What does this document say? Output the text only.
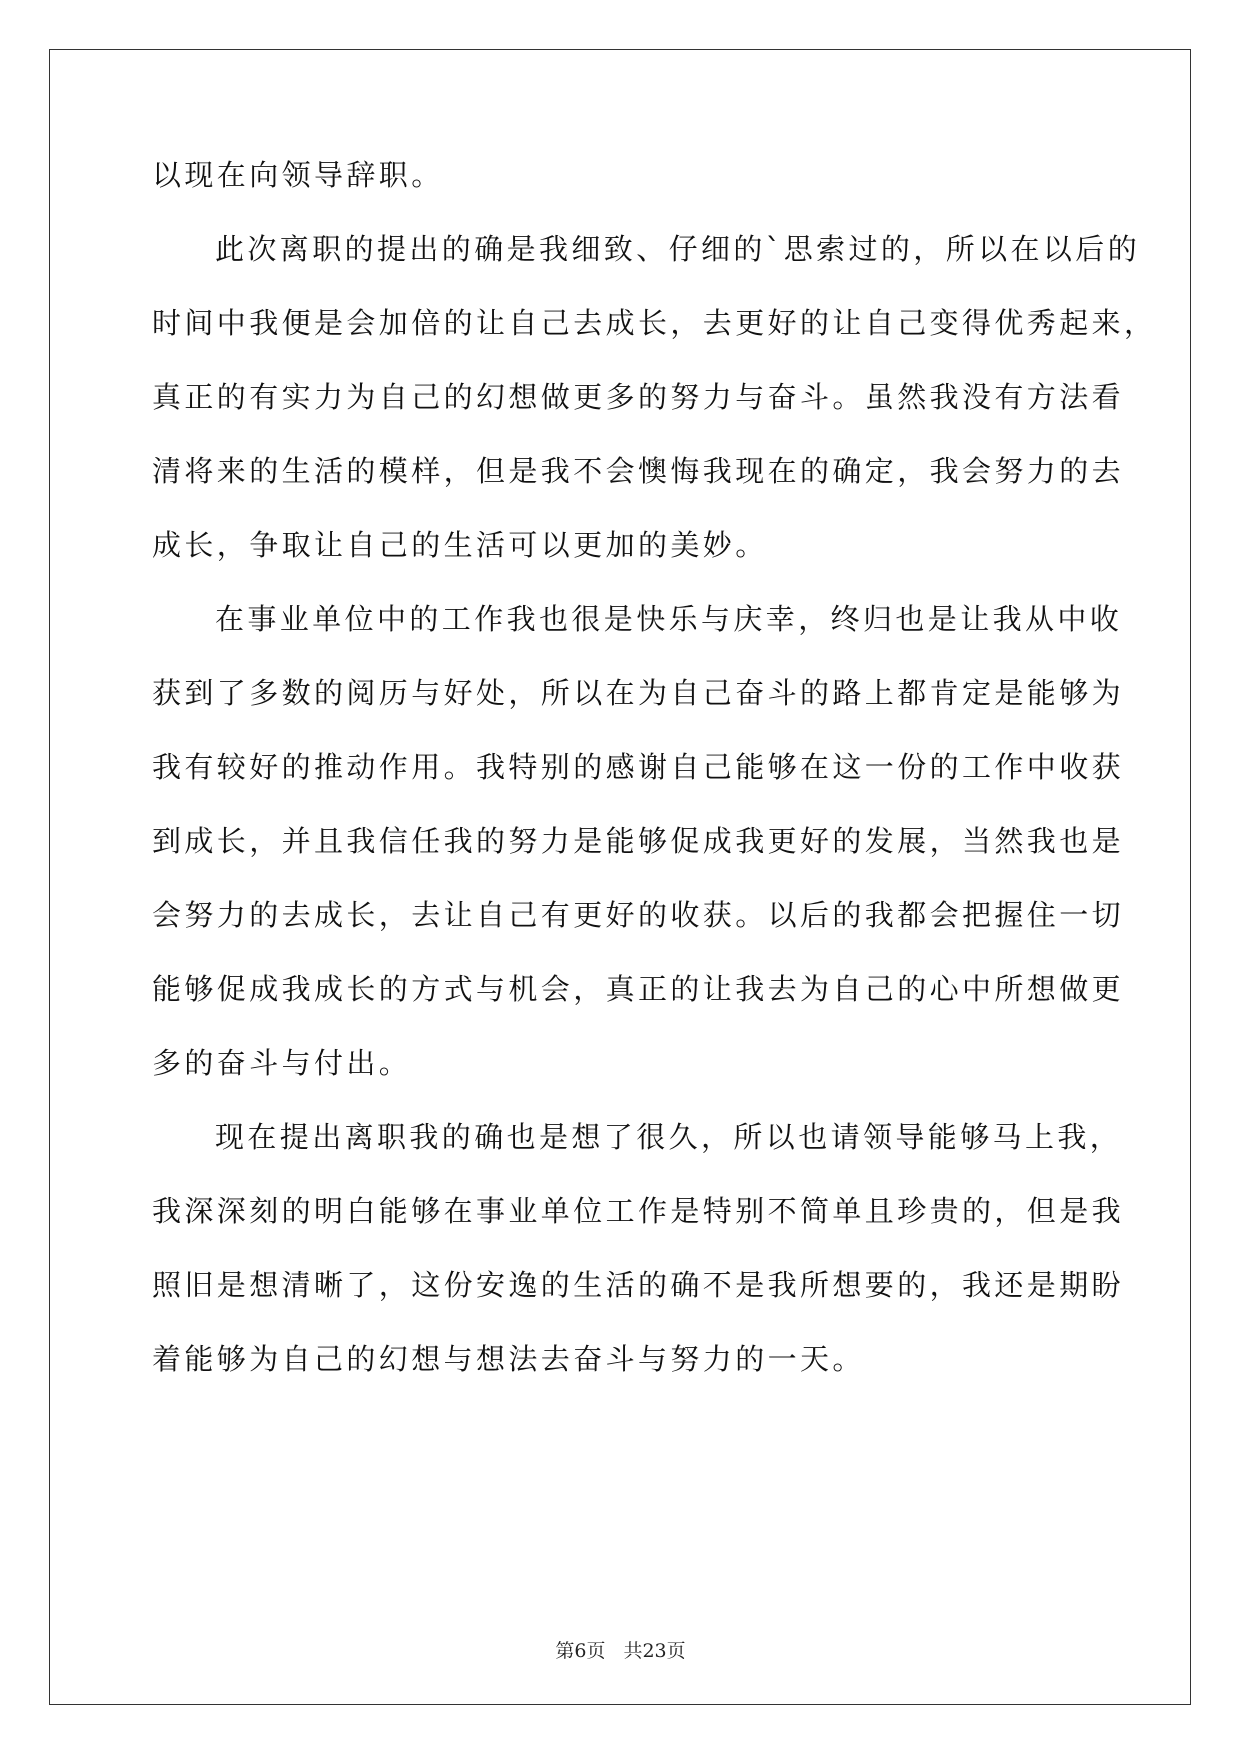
以现在向领导辞职。
此次离职的提出的确是我细致、仔细的`思索过的，所以在以后的
时间中我便是会加倍的让自己去成长，去更好的让自己变得优秀起来，
真正的有实力为自己的幻想做更多的努力与奋斗。虽然我没有方法看
清将来的生活的模样，但是我不会懊悔我现在的确定，我会努力的去
成长，争取让自己的生活可以更加的美妙。
在事业单位中的工作我也很是快乐与庆幸，终归也是让我从中收
获到了多数的阅历与好处，所以在为自己奋斗的路上都肯定是能够为
我有较好的推动作用。我特别的感谢自己能够在这一份的工作中收获
到成长，并且我信任我的努力是能够促成我更好的发展，当然我也是
会努力的去成长，去让自己有更好的收获。以后的我都会把握住一切
能够促成我成长的方式与机会，真正的让我去为自己的心中所想做更
多的奋斗与付出。
现在提出离职我的确也是想了很久，所以也请领导能够马上我，
我深深刻的明白能够在事业单位工作是特别不简单且珍贵的，但是我
照旧是想清晰了，这份安逸的生活的确不是我所想要的，我还是期盼
着能够为自己的幻想与想法去奋斗与努力的一天。
第6页 共23页
